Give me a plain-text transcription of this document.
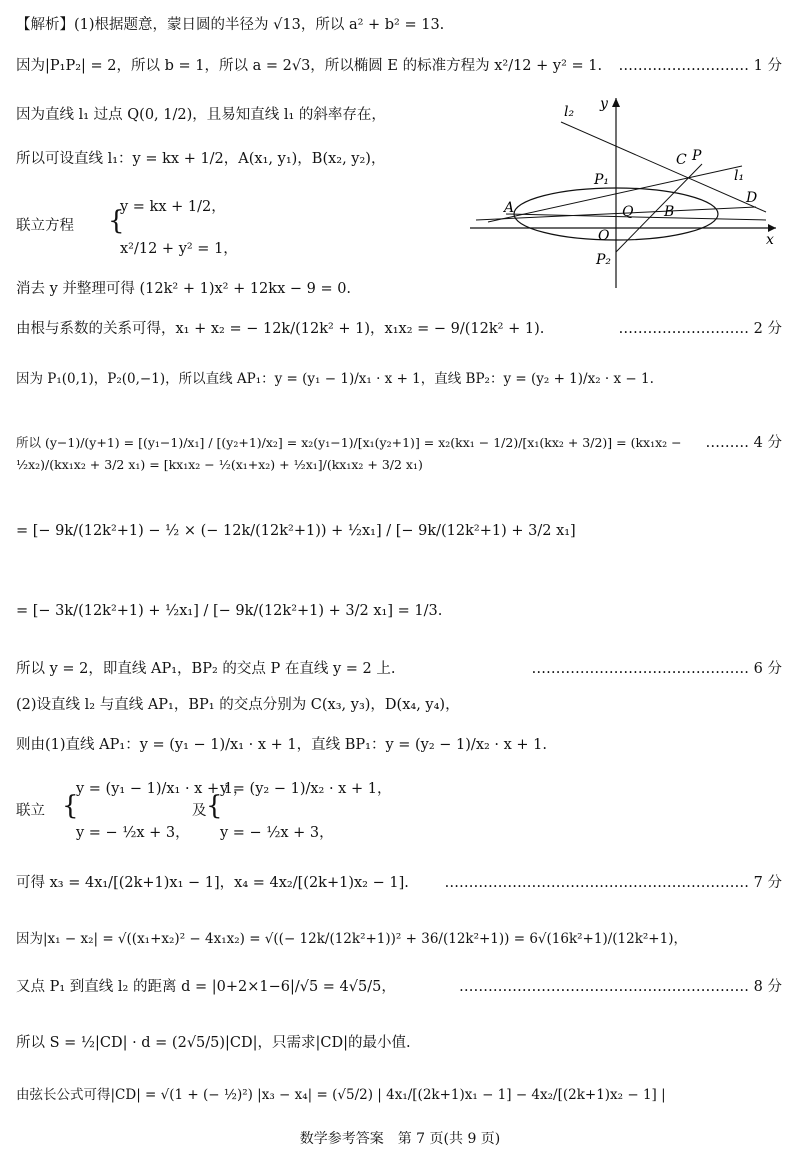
【解析】(1)根据题意，蒙日圆的半径为 √13，所以 a² + b² = 13.
因为|P₁P₂| = 2，所以 b = 1，所以 a = 2√3，所以椭圆 E 的标准方程为 x²/12 + y² = 1. ……………………… 1 分
因为直线 l₁ 过点 Q(0, 1/2)，且易知直线 l₁ 的斜率存在，
所以可设直线 l₁：y = kx + 1/2，A(x₁, y₁)，B(x₂, y₂)，
联立方程 {
y = kx + 1/2，
x²/12 + y² = 1，
消去 y 并整理可得 (12k² + 1)x² + 12kx − 9 = 0.
由根与系数的关系可得，x₁ + x₂ = − 12k/(12k² + 1)，x₁x₂ = − 9/(12k² + 1).	……………………… 2 分
因为 P₁(0,1)，P₂(0,−1)，所以直线 AP₁：y = (y₁ − 1)/x₁ · x + 1，直线 BP₂：y = (y₂ + 1)/x₂ · x − 1.
所以 (y−1)/(y+1) = [(y₁−1)/x₁] / [(y₂+1)/x₂] = x₂(y₁−1)/[x₁(y₂+1)] = x₂(kx₁ − 1/2)/[x₁(kx₂ + 3/2)] = (kx₁x₂ − ½x₂)/(kx₁x₂ + 3/2 x₁) = [kx₁x₂ − ½(x₁+x₂) + ½x₁]/(kx₁x₂ + 3/2 x₁)
……… 4 分
= [− 9k/(12k²+1) − ½ × (− 12k/(12k²+1)) + ½x₁] / [− 9k/(12k²+1) + 3/2 x₁]
= [− 3k/(12k²+1) + ½x₁] / [− 9k/(12k²+1) + 3/2 x₁] = 1/3.
所以 y = 2，即直线 AP₁，BP₂ 的交点 P 在直线 y = 2 上.	……………………………………… 6 分
(2)设直线 l₂ 与直线 AP₁，BP₁ 的交点分别为 C(x₃, y₃)，D(x₄, y₄)，
则由(1)直线 AP₁：y = (y₁ − 1)/x₁ · x + 1，直线 BP₁：y = (y₂ − 1)/x₂ · x + 1.
联立 {
y = (y₁ − 1)/x₁ · x + 1，
y = − ½x + 3，
及 {
y = (y₂ − 1)/x₂ · x + 1，
y = − ½x + 3，
可得 x₃ = 4x₁/[(2k+1)x₁ − 1]，x₄ = 4x₂/[(2k+1)x₂ − 1]. ……………………………………………………… 7 分
因为|x₁ − x₂| = √((x₁+x₂)² − 4x₁x₂) = √((− 12k/(12k²+1))² + 36/(12k²+1)) = 6√(16k²+1)/(12k²+1)，
又点 P₁ 到直线 l₂ 的距离 d = |0+2×1−6|/√5 = 4√5/5，	…………………………………………………… 8 分
所以 S = ½|CD| · d = (2√5/5)|CD|，只需求|CD|的最小值.
由弦长公式可得|CD| = √(1 + (− ½)²) |x₃ − x₄| = (√5/2) | 4x₁/[(2k+1)x₁ − 1] − 4x₂/[(2k+1)x₂ − 1] |
l₂ y
C P
P₁	l₁
D
A	Q B
O	x
P₂
数学参考答案　第 7 页(共 9 页)
